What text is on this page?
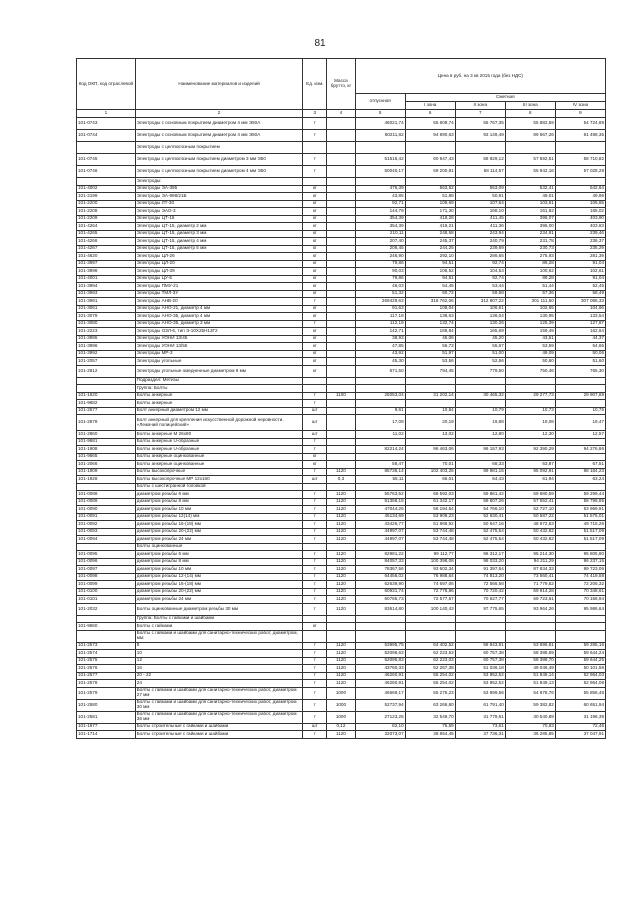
81
Код ОКП, код отраслевой	Наименование материалов и изделий	Ед. изм.	Масса брутто, кг	Цена в руб. на 3 кв 2015 года (без НДС)				
				отпускная	Сметная			
					I зона	II зона	III зона	IV зона
1	2	3	4	5	6	7	8	9
101-0743	Электроды с основным покрытием диаметром 4 мм Э50А	т		46021,74	55 609,74	55 767,35	55 882,59	54 724,89
101-0744	Электроды с основным покрытием диаметром 4 мм Э60А	т		80211,82	94 890,63	93 149,49	89 667,26	91 498,35
	Электроды с целлюлозным покрытием							
101-0745	Электроды с целлюлозным покрытием диаметром 3 мм Э50	т		51516,42	60 947,43	58 829,12	57 592,51	58 710,82
101-0746	Электроды с целлюлозным покрытием диаметром 4 мм Э50	т		50040,17	59 200,91	58 114,57	55 942,16	57 028,29
	Электроды:							
101-4002	Электроды ЭА-395	кг		476,39	563,52	553,09	532,41	542,64
101-2199	Электроды ЭА-898/21Б	кг		43,85	51,88	50,91	49,01	49,96
101-2200	Электроды ЛТ-30	кг		92,71	109,69	107,64	103,61	105,65
101-2208	Электроды ЭАО-3	кг		144,79	171,30	168,10	161,82	165,02
101-2209	Электроды ЦТ-15	кг		354,39	419,28	411,45	396,07	403,90
101-4264	Электроды ЦТ-15, диаметр 2 мм	кг		354,39	419,21	411,36	396,00	403,83
101-4265	Электроды ЦТ-15, диаметр 3 мм	кг		210,11	248,58	243,94	234,81	239,46
101-4266	Электроды ЦТ-15, диаметр 4 мм	кг		207,40	245,37	240,79	231,78	236,37
101-4267	Электроды ЦТ-15, диаметр 5 мм	кг		206,45	244,25	239,69	230,73	235,29
101-4620	Электроды ЦЛ-26	кг		246,90	292,10	286,65	275,93	281,39
101-3997	Электроды ЦЛ-20	кг		79,86	94,51	92,74	89,28	91,04
101-3998	Электроды ЦЛ-39	кг		90,03	106,52	104,53	100,62	102,61
101-4001	Электроды ЦУ-5	кг		79,86	94,51	92,74	89,28	91,04
101-3994	Электроды ПМУ-21	кг		46,03	54,45	53,44	51,44	52,45
101-3993	Электроды ТМЛ-3У	кг		51,32	60,72	59,58	57,36	58,49
101-3991	Электроды АНВ-20	т		269429,63	318 762,06	312 807,22	301 111,50	307 066,33
101-3061	Электроды АНО-21, диаметр 4 мм	кг		91,63	108,04	106,61	102,65	104,66
101-3079	Электроды АНО-35, диаметр 4 мм	кг		117,18	138,63	136,04	130,95	133,54
101-3080	Электроды АНО-35, диаметр 3 мм	т		112,19	132,74	130,26	125,39	127,87
101-2223	Электроды ОЗЛ-6, тип Э-10Х25Н13Г2	кг		142,71	168,84	165,69	159,49	162,64
101-3995	Электроды УОНИ 13/45	кг		38,93	46,06	45,20	43,51	44,37
101-3996	Электроды УОНИ 13/55	кг		47,85	56,73	55,67	53,59	54,65
101-3992	Электроды МР-3	кг		43,92	51,97	51,00	49,09	50,06
101-2057	Электроды угольные	кг		45,30	53,56	52,56	50,60	51,60
101-2812	Электроды угольные омедненные диаметром 8 мм	кг		671,50	794,45	779,60	750,46	765,30
	Подраздел: Метизы							
	Группа: Болты							
101-1920	Болты анкерные	т	1100	26053,04	31 202,14	30 465,32	29 277,73	29 907,69
101-9682	Болты анкерные	т						
101-2577	Болт анкерный диаметром 12 мм	шт		9,61	10,84	10,79	10,73	10,75
101-2878	Болт анкерный для крепления искусственной дорожной неровности. «Лежачий полицейский»	шт		17,09	20,19	19,88	19,08	19,47
101-2860	Болты анкерные М 26х80	шт		11,02	13,02	12,80	12,30	12,57
101-9681	Болты анкерные U-образные	т						
101-1908	Болты анкерные U-образные	т		82214,24	96 463,06	96 157,93	92 390,29	94 276,86
101-9665	Болты анкерные оцинкованные	кг						
101-2066	Болты анкерные оцинкованные	кг		58,47	70,01	68,33	63,87	67,51
101-1909	Болты высокопрочные	т	1120	85736,14	102 403,25	99 981,15	95 092,91	98 184,23
101-1928	Болты высокопрочные МР 12х160	шт	0,3	55,11	66,01	64,43	61,94	63,24
	Болты с шестигранной головкой							
101-0088	диаметром резьбы 6 мм	т	1120	55763,52	66 592,03	59 861,42	59 680,59	59 299,44
101-0089	диаметром резьбы 8 мм	т	1120	51358,15	61 342,17	59 607,26	57 552,41	58 799,85
101-0090	диаметром резьбы 10 мм	т	1120	47044,25	56 194,54	54 766,10	52 727,10	53 969,91
101-0091	диаметром резьбы 12(14) мм	т	1120	45134,69	53 909,23	52 630,41	50 587,22	51 575,01
101-0092	диаметром резьбы 16-(18) мм	т	1120	43426,77	51 868,92	50 647,16	48 672,63	49 715,26
101-0093	диаметром резьбы 20-(22) мм	т	1120	44997,07	53 744,48	52 475,54	50 432,62	51 517,09
101-0094	диаметром резьбы 24 мм	т	1120	44997,07	53 744,48	52 475,54	50 432,62	51 517,09
	Болты оцинкованные							
101-0095	диаметром резьбы 6 мм	т	1120	82981,22	99 112,77	96 312,17	95 214,30	95 805,80
101-0096	диаметром резьбы 8 мм	т	1120	84057,33	100 398,08	98 033,20	94 211,29	96 237,15
101-0097	диаметром резьбы 10 мм	т	1120	78367,56	93 602,34	91 397,54	87 834,33	89 723,06
101-0098	диаметром резьбы 12-(14) мм	т	1120	64456,02	76 988,64	74 813,20	73 560,41	74 419,58
101-0099	диаметром резьбы 16-(18) мм	т	1120	62639,90	74 697,06	72 566,58	71 779,52	72 205,32
101-0100	диаметром резьбы 20-(22) мм	т	1120	60931,74	72 776,86	70 720,42	69 914,28	70 348,61
101-0101	диаметром резьбы 24 мм	т	1120	60765,73	72 577,57	70 527,77	69 723,61	70 156,94
101-2032	Болты оцинкованные диаметром резьбы 30 мм	т	1120	83614,80	100 140,43	97 775,65	93 964,26	95 986,64
	Группа: Болты с гайками и шайбами							
101-9660	Болты с гайками	кг						
	Болты с гайками и шайбами для санитарно-технических работ, диаметром, мм:							
101-2573	8	т	1120	53995,75	64 402,52	56 943,91	53 696,61	59 285,16
101-2574	10	т	1120	52096,63	62 223,53	60 757,38	58 388,69	59 644,24
101-2575	12	т	1120	52095,83	62 223,03	60 757,38	58 388,70	59 644,25
101-2576	16	т	1120	43760,33	52 267,38	51 036,18	49 046,49	50 101,58
101-2577	20 - 22	т	1120	46260,91	55 254,02	53 952,52	51 849,14	52 964,03
101-2578	24	т	1120	46260,91	55 254,02	53 952,52	51 849,13	52 964,08
101-2579	Болты с гайками и шайбами для санитарно-технических работ, диаметром 27 мм	т	1000	46569,17	55 275,23	53 899,56	54 678,76	55 856,48
101-2580	Болты с гайками и шайбами для санитарно-технических работ, диаметром 30 мм	т	1000	52737,94	63 266,80	61 791,40	59 382,82	60 651,94
101-2581	Болты с гайками и шайбами для санитарно-технических работ, диаметром 36 мм	т	1000	27123,25	32 549,70	31 779,61	30 540,89	31 198,39
101-1977	Болты строительные с гайками и шайбами	шт	0,12	62,10	75,59	73,61	70,93	72,46
101-1714	Болты строительные с гайками и шайбами	т	1120	32073,07	38 854,45	37 736,31	36 285,85	37 047,91
